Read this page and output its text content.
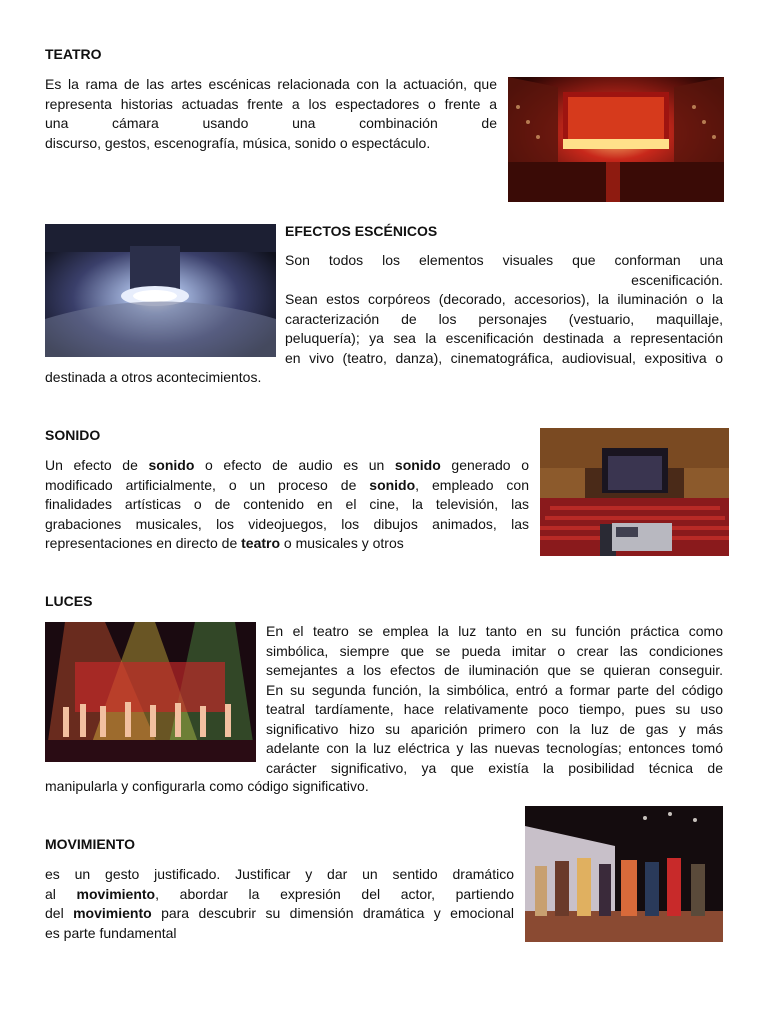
TEATRO
Es la rama de las artes escénicas relacionada con la actuación, que
representa historias actuadas frente a los espectadores o frente a
una cámara usando una combinación de
discurso, gestos, escenografía, música, sonido o espectáculo.
EFECTOS ESCÉNICOS
Son todos los elementos visuales que conforman una
escenificación.
Sean estos corpóreos (decorado, accesorios), la iluminación o la
caracterización de los personajes (vestuario, maquillaje,
peluquería); ya sea la escenificación destinada a representación
en vivo (teatro, danza), cinematográfica, audiovisual, expositiva o
destinada a otros acontecimientos.
SONIDO
Un efecto de sonido o efecto de audio es un sonido generado o
modificado artificialmente, o un proceso de sonido, empleado con
finalidades artísticas o de contenido en el cine, la televisión, las
grabaciones musicales, los videojuegos, los dibujos animados, las
representaciones en directo de teatro o musicales y otros
LUCES
En el teatro se emplea la luz tanto en su función práctica como
simbólica, siempre que se pueda imitar o crear las condiciones
semejantes a los efectos de iluminación que se quieran conseguir.
En su segunda función, la simbólica, entró a formar parte del código
teatral tardíamente, hace relativamente poco tiempo, pues su uso
significativo hizo su aparición primero con la luz de gas y más
adelante con la luz eléctrica y las nuevas tecnologías; entonces tomó
carácter significativo, ya que existía la posibilidad técnica de
manipularla y configurarla como código significativo.
MOVIMIENTO
es un gesto justificado. Justificar y dar un sentido dramático
al movimiento, abordar la expresión del actor, partiendo
del movimiento para descubrir su dimensión dramática y emocional
es parte fundamental
